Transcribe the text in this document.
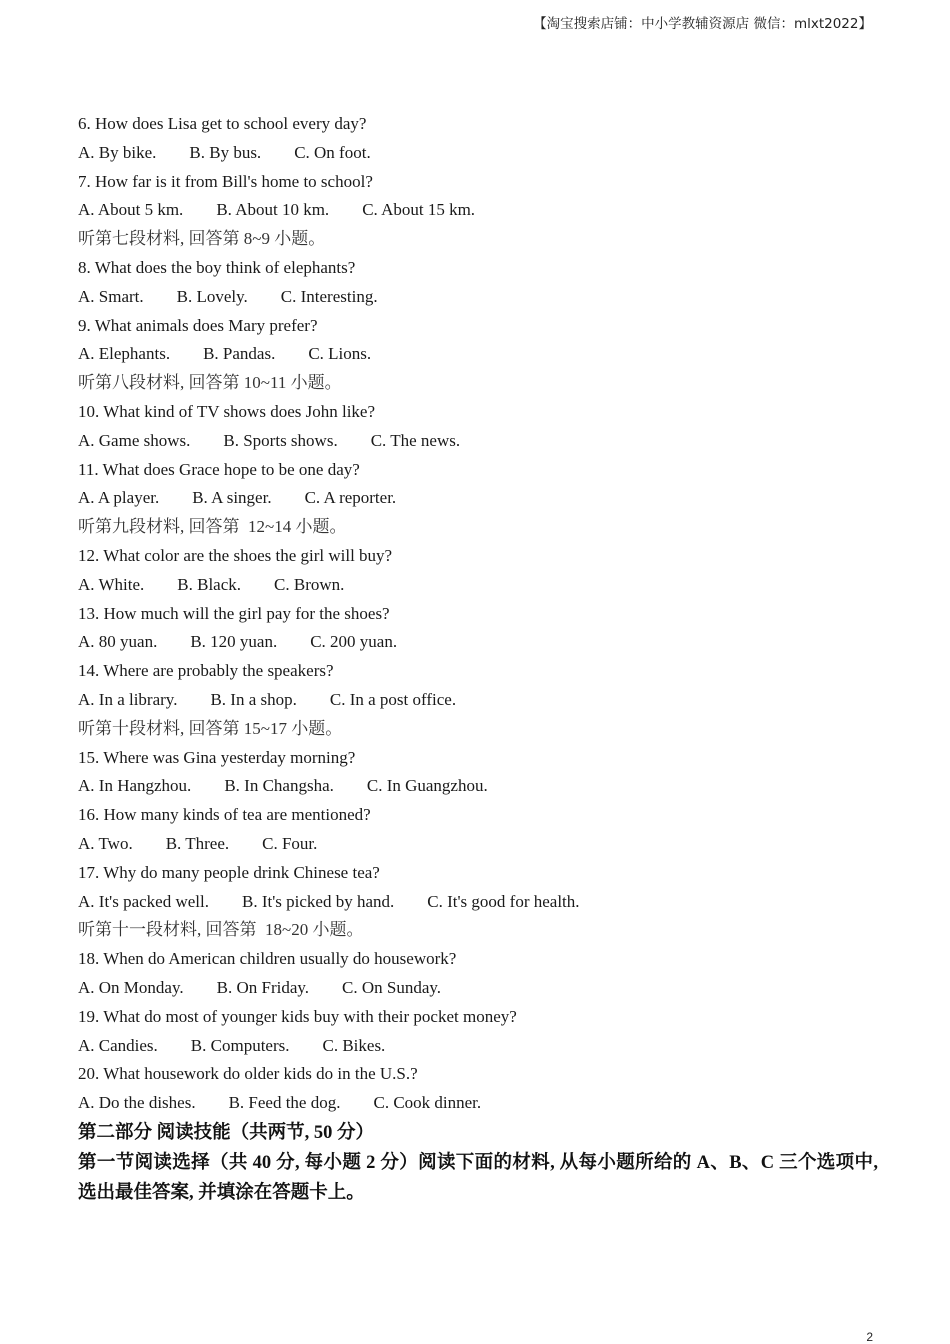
【淘宝搜索店铺：中小学教辅资源店 微信：mlxt2022】
6. How does Lisa get to school every day?
A. By bike. B. By bus. C. On foot.
7. How far is it from Bill's home to school?
A. About 5 km. B. About 10 km. C. About 15 km.
听第七段材料, 回答第 8~9 小题。
8. What does the boy think of elephants?
A. Smart. B. Lovely. C. Interesting.
9. What animals does Mary prefer?
A. Elephants. B. Pandas. C. Lions.
听第八段材料, 回答第 10~11 小题。
10. What kind of TV shows does John like?
A. Game shows. B. Sports shows. C. The news.
11. What does Grace hope to be one day?
A. A player. B. A singer. C. A reporter.
听第九段材料, 回答第  12~14 小题。
12. What color are the shoes the girl will buy?
A. White. B. Black. C. Brown.
13. How much will the girl pay for the shoes?
A. 80 yuan. B. 120 yuan. C. 200 yuan.
14. Where are probably the speakers?
A. In a library. B. In a shop. C. In a post office.
听第十段材料, 回答第 15~17 小题。
15. Where was Gina yesterday morning?
A. In Hangzhou. B. In Changsha. C. In Guangzhou.
16. How many kinds of tea are mentioned?
A. Two. B. Three. C. Four.
17. Why do many people drink Chinese tea?
A. It's packed well. B. It's picked by hand. C. It's good for health.
听第十一段材料, 回答第  18~20 小题。
18. When do American children usually do housework?
A. On Monday. B. On Friday. C. On Sunday.
19. What do most of younger kids buy with their pocket money?
A. Candies. B. Computers. C. Bikes.
20. What housework do older kids do in the U.S.?
A. Do the dishes. B. Feed the dog. C. Cook dinner.
第二部分 阅读技能（共两节, 50 分）
第一节阅读选择（共 40 分, 每小题 2 分）阅读下面的材料, 从每小题所给的 A、B、C 三个选项中, 选出最佳答案, 并填涂在答题卡上。
2
